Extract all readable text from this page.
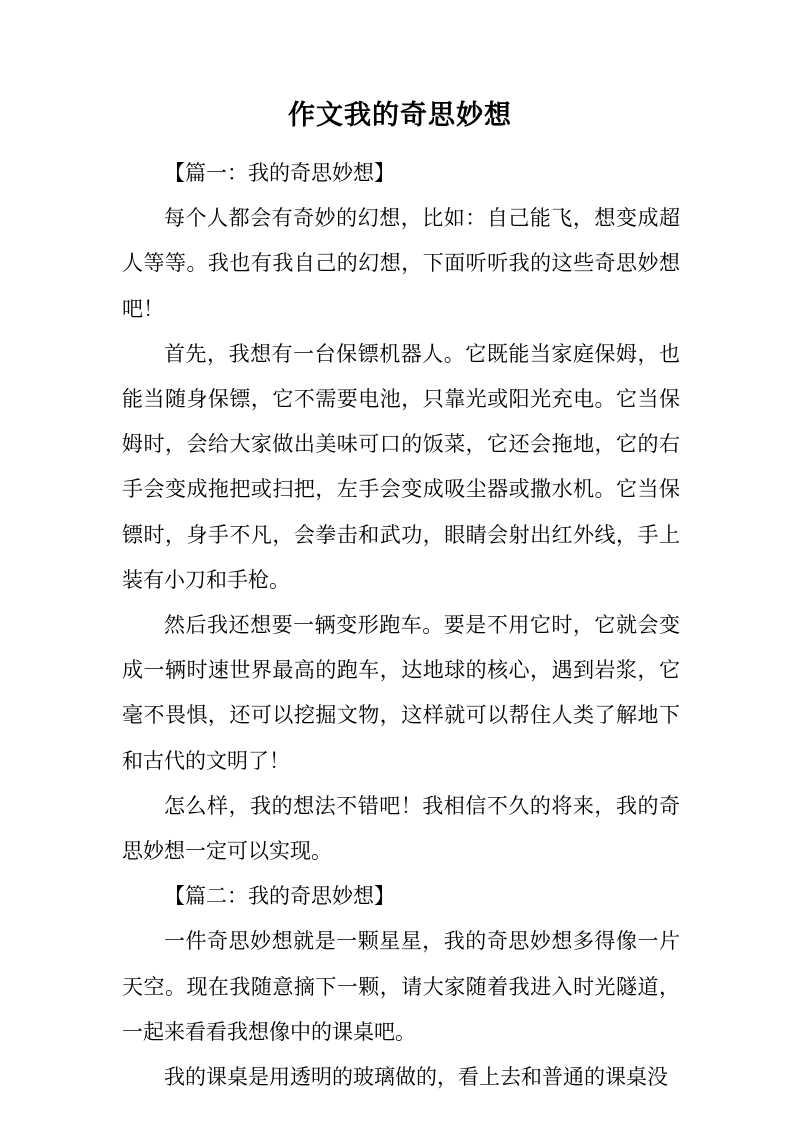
作文我的奇思妙想

【篇一：我的奇思妙想】

每个人都会有奇妙的幻想，比如：自己能飞，想变成超人等等。我也有我自己的幻想，下面听听我的这些奇思妙想吧！

首先，我想有一台保镖机器人。它既能当家庭保姆，也能当随身保镖，它不需要电池，只靠光或阳光充电。它当保姆时，会给大家做出美味可口的饭菜，它还会拖地，它的右手会变成拖把或扫把，左手会变成吸尘器或撒水机。它当保镖时，身手不凡，会拳击和武功，眼睛会射出红外线，手上装有小刀和手枪。

然后我还想要一辆变形跑车。要是不用它时，它就会变成一辆时速世界最高的跑车，达地球的核心，遇到岩浆，它毫不畏惧，还可以挖掘文物，这样就可以帮住人类了解地下和古代的文明了！

怎么样，我的想法不错吧！我相信不久的将来，我的奇思妙想一定可以实现。

【篇二：我的奇思妙想】

一件奇思妙想就是一颗星星，我的奇思妙想多得像一片天空。现在我随意摘下一颗，请大家随着我进入时光隧道，一起来看看我想像中的课桌吧。

我的课桌是用透明的玻璃做的，看上去和普通的课桌没
